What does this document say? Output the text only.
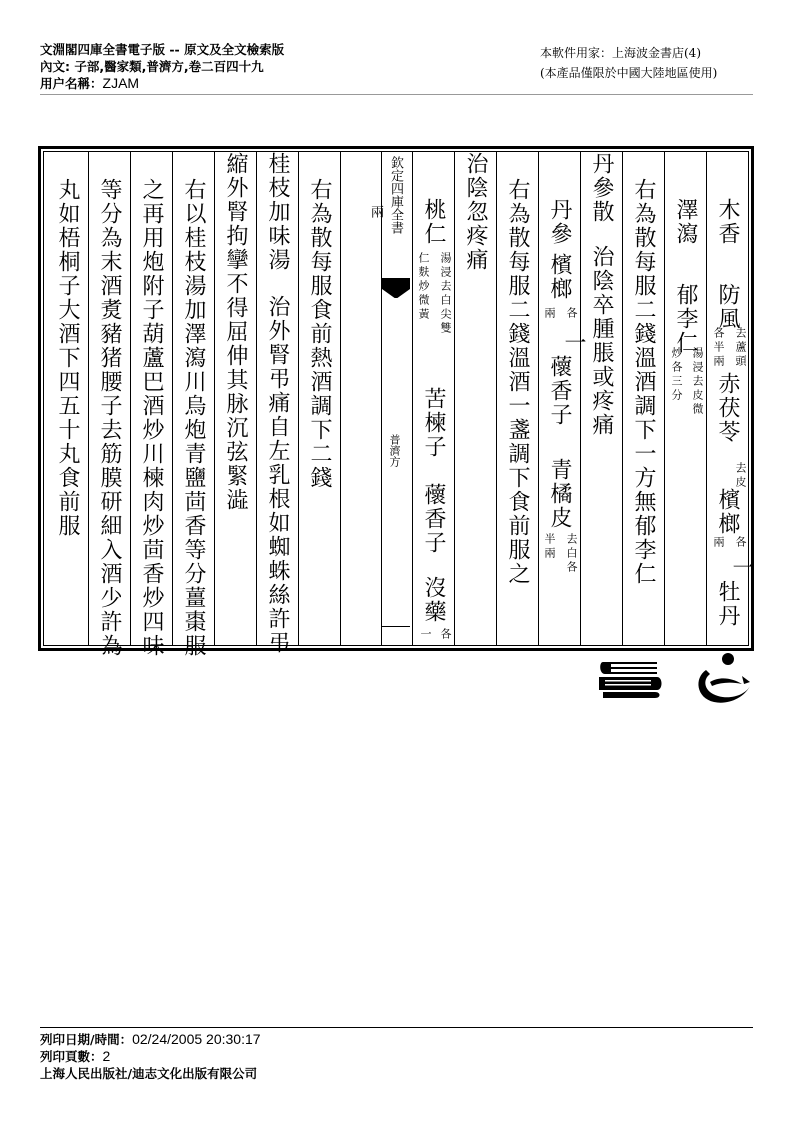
文淵閣四庫全書電子版 -- 原文及全文檢索版
內文: 子部,醫家類,普濟方,卷二百四十九
用户名稱：ZJAM
本軟件用家：上海波金書店(4)
(本產品僅限於中國大陸地區使用)
木香
防風
去蘆頭
各半兩
赤茯苓
去皮
檳榔
各
兩
一
牡丹
澤瀉
郁李仁
湯浸去皮微
炒各三分
右為散每服二錢溫酒調下一方無郁李仁
丹參散
治陰卒腫脹或疼痛
丹參
檳榔
各
兩
一
蘹香子
青橘皮
去白各
半兩
右為散每服二錢溫酒一盞調下食前服之
治陰忽疼痛
桃仁
湯浸去白尖雙
仁麩炒微黃
苦楝子
蘹香子
沒藥
各
一
欽定四庫全書
普濟方
兩
右為散每服食前熱酒調下二錢
桂枝加味湯
治外腎弔痛自左乳根如蜘蛛絲許弔
縮外腎拘攣不得屈伸其脉沉弦緊澁
右以桂枝湯加澤瀉川烏炮青鹽茴香等分薑棗服
之再用炮附子葫蘆巴酒炒川楝肉炒茴香炒四味
等分為末酒煑豬猪腰子去筋膜研細入酒少許為
丸如梧桐子大酒下四五十丸食前服
列印日期/時間：02/24/2005 20:30:17
列印頁數：2
上海人民出版社/迪志文化出版有限公司
